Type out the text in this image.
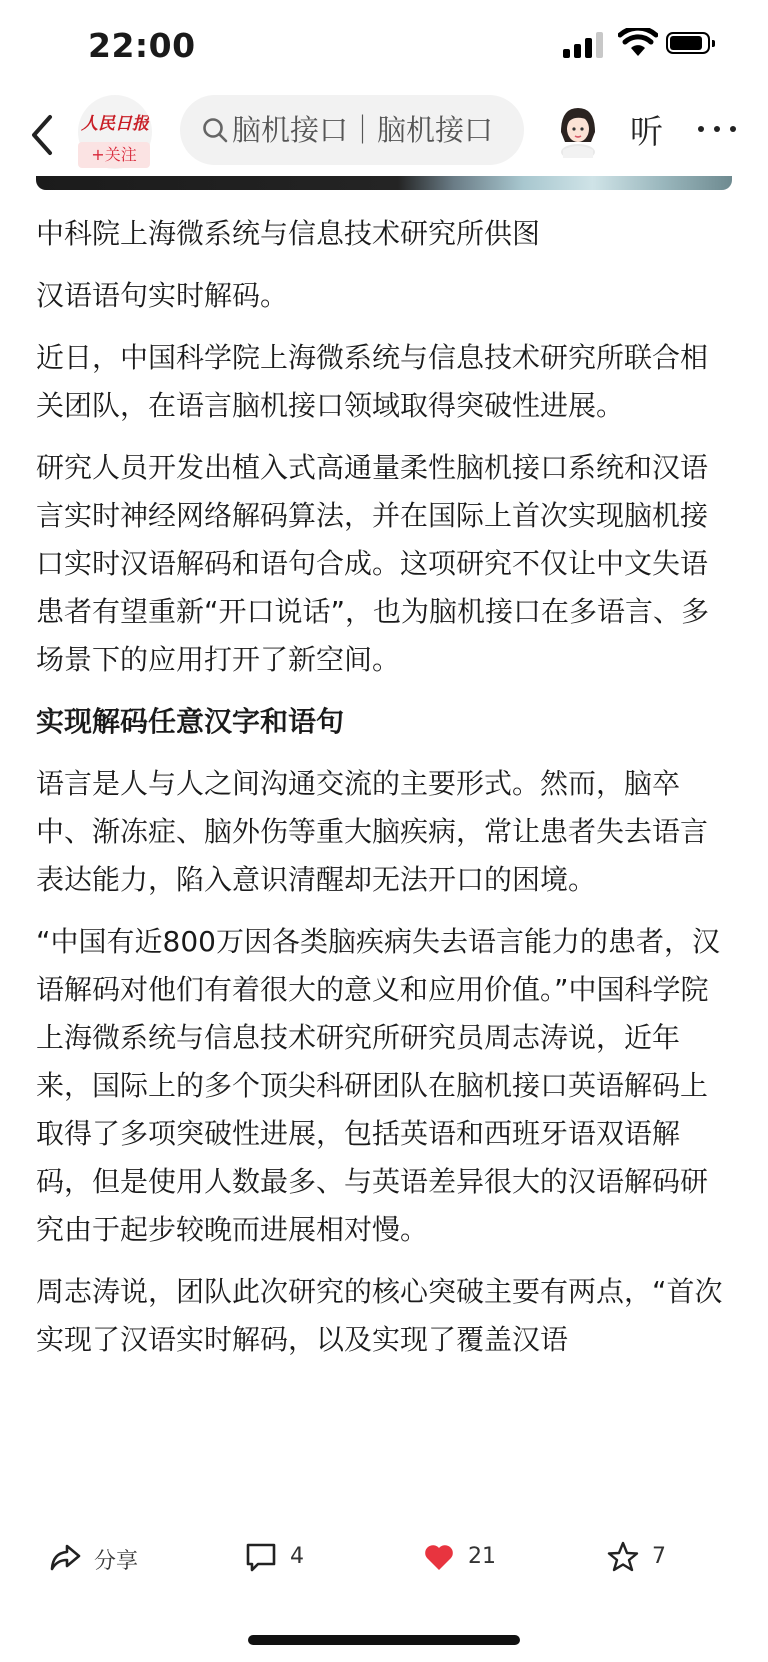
22:00
人民日报
+关注
脑机接口｜脑机接口	听

中科院上海微系统与信息技术研究所供图

汉语语句实时解码。

近日，中国科学院上海微系统与信息技术研究所联合相关团队，在语言脑机接口领域取得突破性进展。

研究人员开发出植入式高通量柔性脑机接口系统和汉语言实时神经网络解码算法，并在国际上首次实现脑机接口实时汉语解码和语句合成。这项研究不仅让中文失语患者有望重新“开口说话”，也为脑机接口在多语言、多场景下的应用打开了新空间。

实现解码任意汉字和语句

语言是人与人之间沟通交流的主要形式。然而，脑卒中、渐冻症、脑外伤等重大脑疾病，常让患者失去语言表达能力，陷入意识清醒却无法开口的困境。

“中国有近800万因各类脑疾病失去语言能力的患者，汉语解码对他们有着很大的意义和应用价值。”中国科学院上海微系统与信息技术研究所研究员周志涛说，近年来，国际上的多个顶尖科研团队在脑机接口英语解码上取得了多项突破性进展，包括英语和西班牙语双语解码，但是使用人数最多、与英语差异很大的汉语解码研究由于起步较晚而进展相对慢。

周志涛说，团队此次研究的核心突破主要有两点，“首次实现了汉语实时解码，以及实现了覆盖汉语

分享	4	21	7
